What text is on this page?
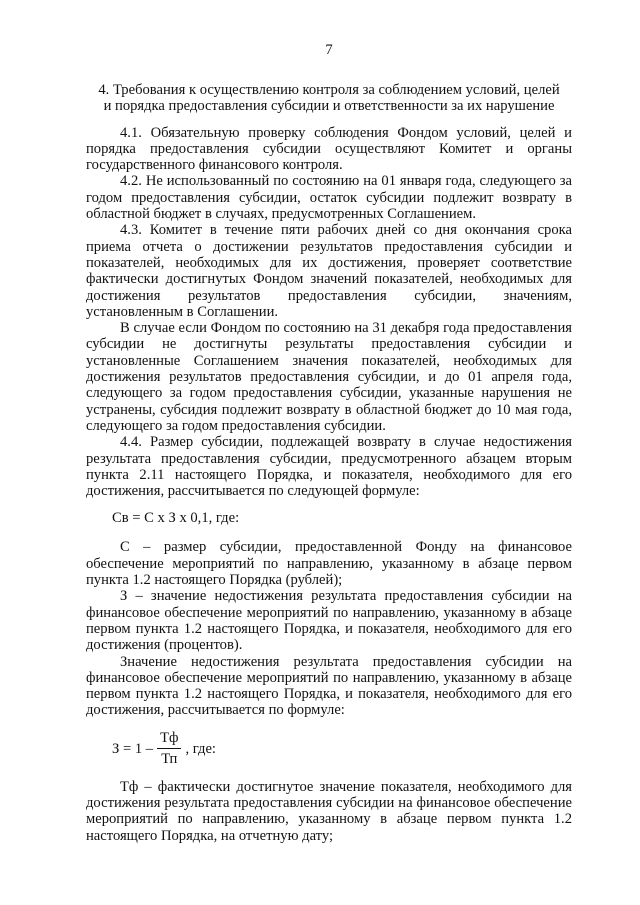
7
4. Требования к осуществлению контроля за соблюдением условий, целей
и порядка предоставления субсидии и ответственности за их нарушение

4.1. Обязательную проверку соблюдения Фондом условий, целей и порядка предоставления субсидии осуществляют Комитет и органы государственного финансового контроля.

4.2. Не использованный по состоянию на 01 января года, следующего за годом предоставления субсидии, остаток субсидии подлежит возврату в областной бюджет в случаях, предусмотренных Соглашением.

4.3. Комитет в течение пяти рабочих дней со дня окончания срока приема отчета о достижении результатов предоставления субсидии и показателей, необходимых для их достижения, проверяет соответствие фактически достигнутых Фондом значений показателей, необходимых для достижения результатов предоставления субсидии, значениям, установленным в Соглашении.

В случае если Фондом по состоянию на 31 декабря года предоставления субсидии не достигнуты результаты предоставления субсидии и установленные Соглашением значения показателей, необходимых для достижения результатов предоставления субсидии, и до 01 апреля года, следующего за годом предоставления субсидии, указанные нарушения не устранены, субсидия подлежит возврату в областной бюджет до 10 мая года, следующего за годом предоставления субсидии.

4.4. Размер субсидии, подлежащей возврату в случае недостижения результата предоставления субсидии, предусмотренного абзацем вторым пункта 2.11 настоящего Порядка, и показателя, необходимого для его достижения, рассчитывается по следующей формуле:

Св = С х З х 0,1, где:

С – размер субсидии, предоставленной Фонду на финансовое обеспечение мероприятий по направлению, указанному в абзаце первом пункта 1.2 настоящего Порядка (рублей);

З – значение недостижения результата предоставления субсидии на финансовое обеспечение мероприятий по направлению, указанному в абзаце первом пункта 1.2 настоящего Порядка, и показателя, необходимого для его достижения (процентов).

Значение недостижения результата предоставления субсидии на финансовое обеспечение мероприятий по направлению, указанному в абзаце первом пункта 1.2 настоящего Порядка, и показателя, необходимого для его достижения, рассчитывается по формуле:

$З = 1 - \frac{Тф}{Тп}$ , где:

Тф – фактически достигнутое значение показателя, необходимого для достижения результата предоставления субсидии на финансовое обеспечение мероприятий по направлению, указанному в абзаце первом пункта 1.2 настоящего Порядка, на отчетную дату;
